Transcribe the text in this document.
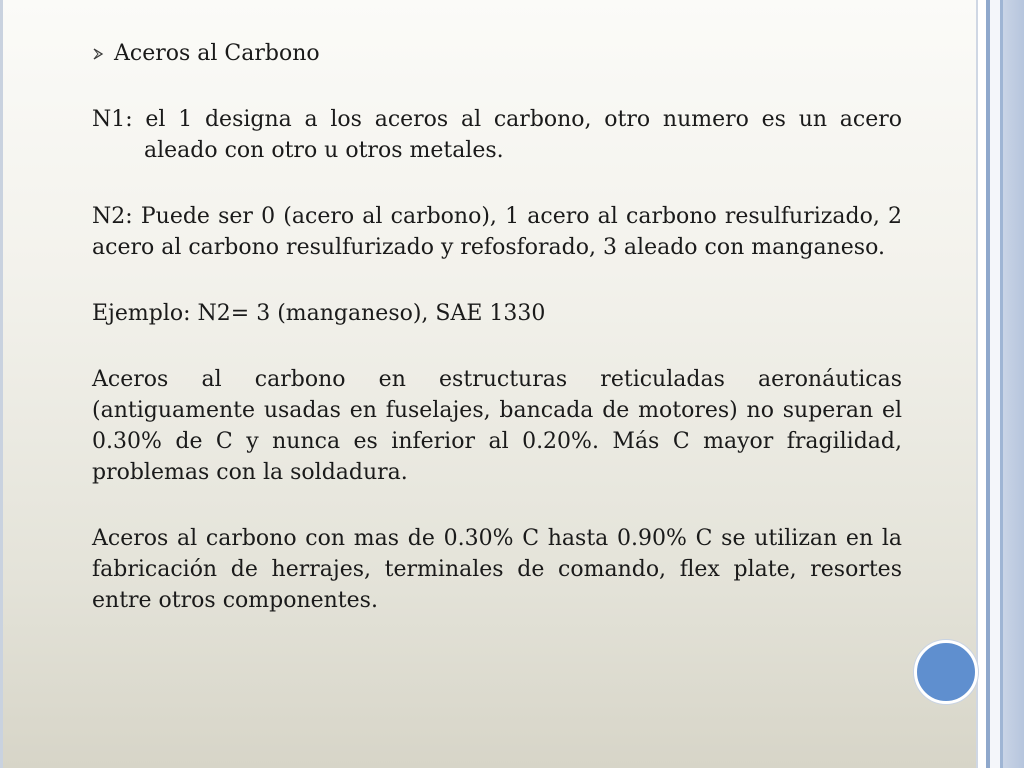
Aceros al Carbono

N1: el 1 designa a los aceros al carbono, otro numero es un acero aleado con otro u otros metales.

N2: Puede ser 0 (acero al carbono), 1 acero al carbono resulfurizado, 2 acero al carbono resulfurizado y refosforado, 3 aleado con manganeso.

Ejemplo: N2= 3 (manganeso), SAE 1330

Aceros al carbono en estructuras reticuladas aeronáuticas (antiguamente usadas en fuselajes, bancada de motores) no superan el 0.30% de C y nunca es inferior al 0.20%. Más C mayor fragilidad, problemas con la soldadura.

Aceros al carbono con mas de 0.30% C hasta 0.90% C se utilizan en la fabricación de herrajes, terminales de comando, flex plate, resortes entre otros componentes.
